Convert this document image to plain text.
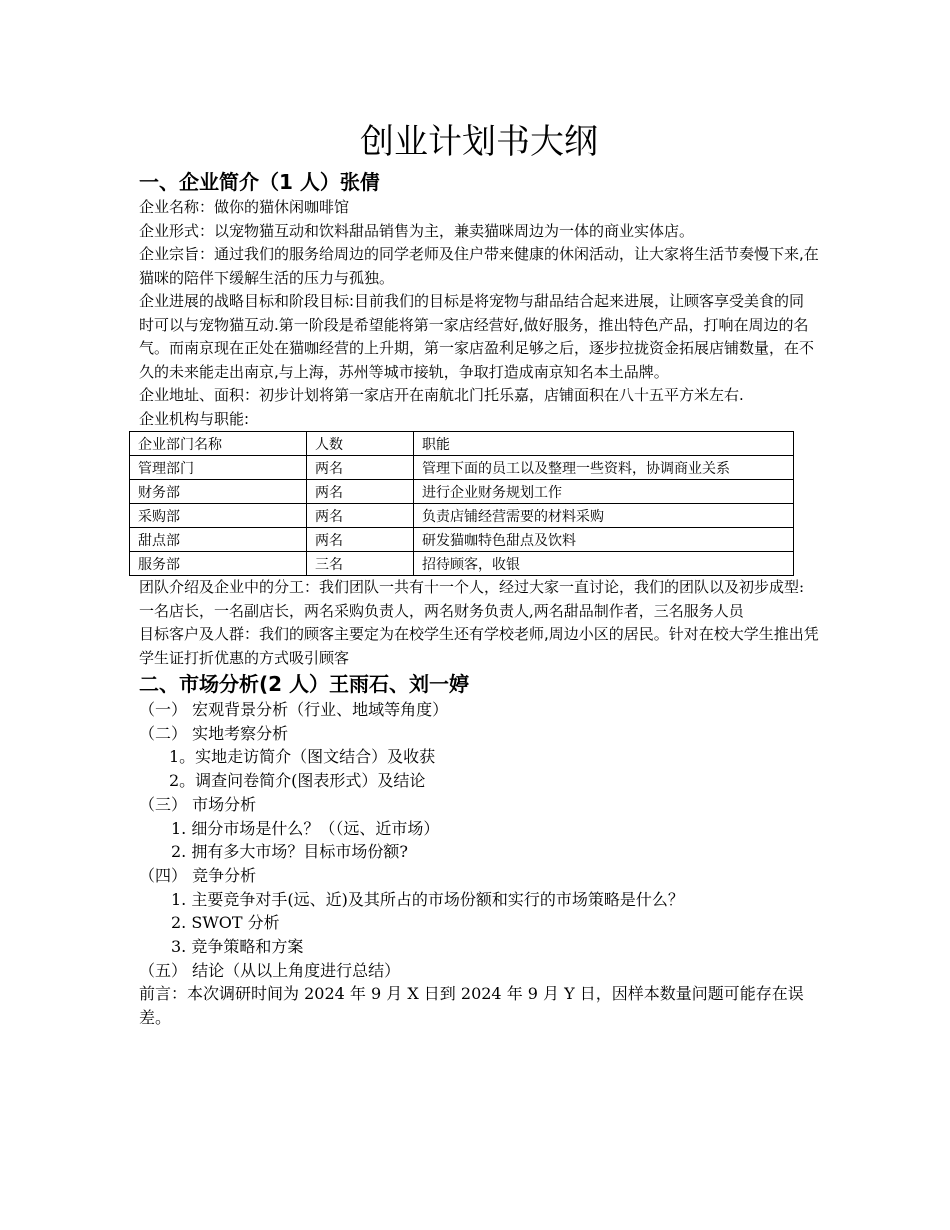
创业计划书大纲
一、企业简介（1 人）张倩

企业名称：做你的猫休闲咖啡馆

企业形式：以宠物猫互动和饮料甜品销售为主，兼卖猫咪周边为一体的商业实体店。

企业宗旨：通过我们的服务给周边的同学老师及住户带来健康的休闲活动，让大家将生活节奏慢下来,在猫咪的陪伴下缓解生活的压力与孤独。

企业进展的战略目标和阶段目标:目前我们的目标是将宠物与甜品结合起来进展，让顾客享受美食的同时可以与宠物猫互动.第一阶段是希望能将第一家店经营好,做好服务，推出特色产品，打响在周边的名气。而南京现在正处在猫咖经营的上升期，第一家店盈利足够之后，逐步拉拢资金拓展店铺数量，在不久的未来能走出南京,与上海，苏州等城市接轨，争取打造成南京知名本土品牌。

企业地址、面积：初步计划将第一家店开在南航北门托乐嘉，店铺面积在八十五平方米左右.

企业机构与职能:

企业部门名称	人数	职能
管理部门	两名	管理下面的员工以及整理一些资料，协调商业关系
财务部	两名	进行企业财务规划工作
采购部	两名	负责店铺经营需要的材料采购
甜点部	两名	研发猫咖特色甜点及饮料
服务部	三名	招待顾客，收银

团队介绍及企业中的分工：我们团队一共有十一个人，经过大家一直讨论，我们的团队以及初步成型:一名店长，一名副店长，两名采购负责人，两名财务负责人,两名甜品制作者，三名服务人员

目标客户及人群：我们的顾客主要定为在校学生还有学校老师,周边小区的居民。针对在校大学生推出凭学生证打折优惠的方式吸引顾客

二、市场分析(2 人）王雨石、刘一婷
（一） 宏观背景分析（行业、地域等角度）
（二） 实地考察分析
1。实地走访简介（图文结合）及收获
2。调查问卷简介(图表形式）及结论
（三） 市场分析
1. 细分市场是什么？（（远、近市场）
2. 拥有多大市场？目标市场份额?
（四） 竞争分析
1. 主要竞争对手(远、近)及其所占的市场份额和实行的市场策略是什么？
2. SWOT 分析
3. 竞争策略和方案
（五） 结论（从以上角度进行总结）
前言：本次调研时间为 2024 年 9 月 X 日到 2024 年 9 月 Y 日，因样本数量问题可能存在误差。
